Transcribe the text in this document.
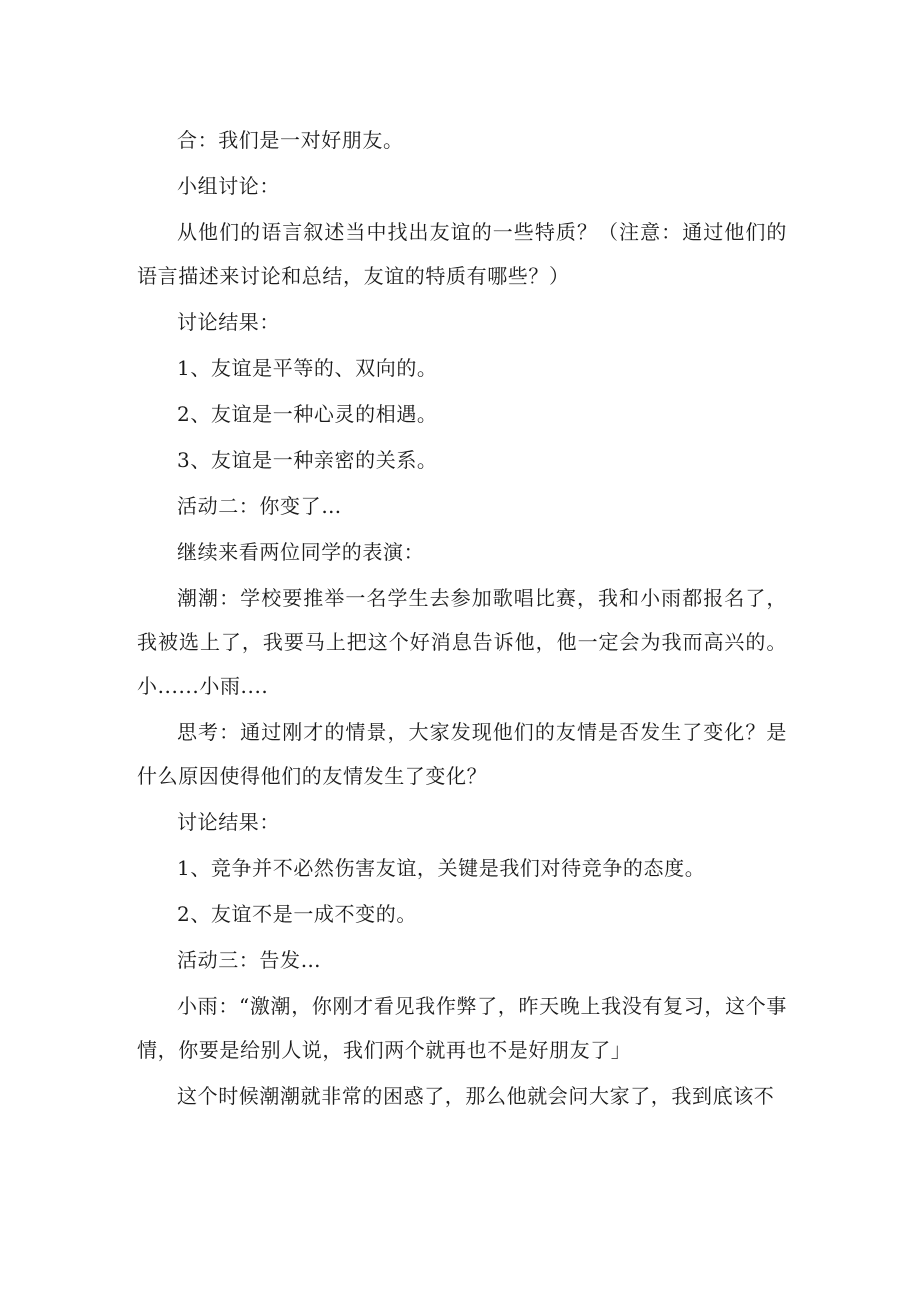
合：我们是一对好朋友。

小组讨论：

从他们的语言叙述当中找出友谊的一些特质？（注意：通过他们的语言描述来讨论和总结，友谊的特质有哪些？）

讨论结果：

1、友谊是平等的、双向的。

2、友谊是一种心灵的相遇。

3、友谊是一种亲密的关系。

活动二：你变了…

继续来看两位同学的表演：

潮潮：学校要推举一名学生去参加歌唱比赛，我和小雨都报名了，我被选上了，我要马上把这个好消息告诉他，他一定会为我而高兴的。小......小雨....

思考：通过刚才的情景，大家发现他们的友情是否发生了变化？是什么原因使得他们的友情发生了变化？

讨论结果：

1、竞争并不必然伤害友谊，关键是我们对待竞争的态度。

2、友谊不是一成不变的。

活动三：告发…

小雨：“激潮，你刚才看见我作弊了，昨天晚上我没有复习，这个事情，你要是给别人说，我们两个就再也不是好朋友了」

这个时候潮潮就非常的困惑了，那么他就会问大家了，我到底该不
